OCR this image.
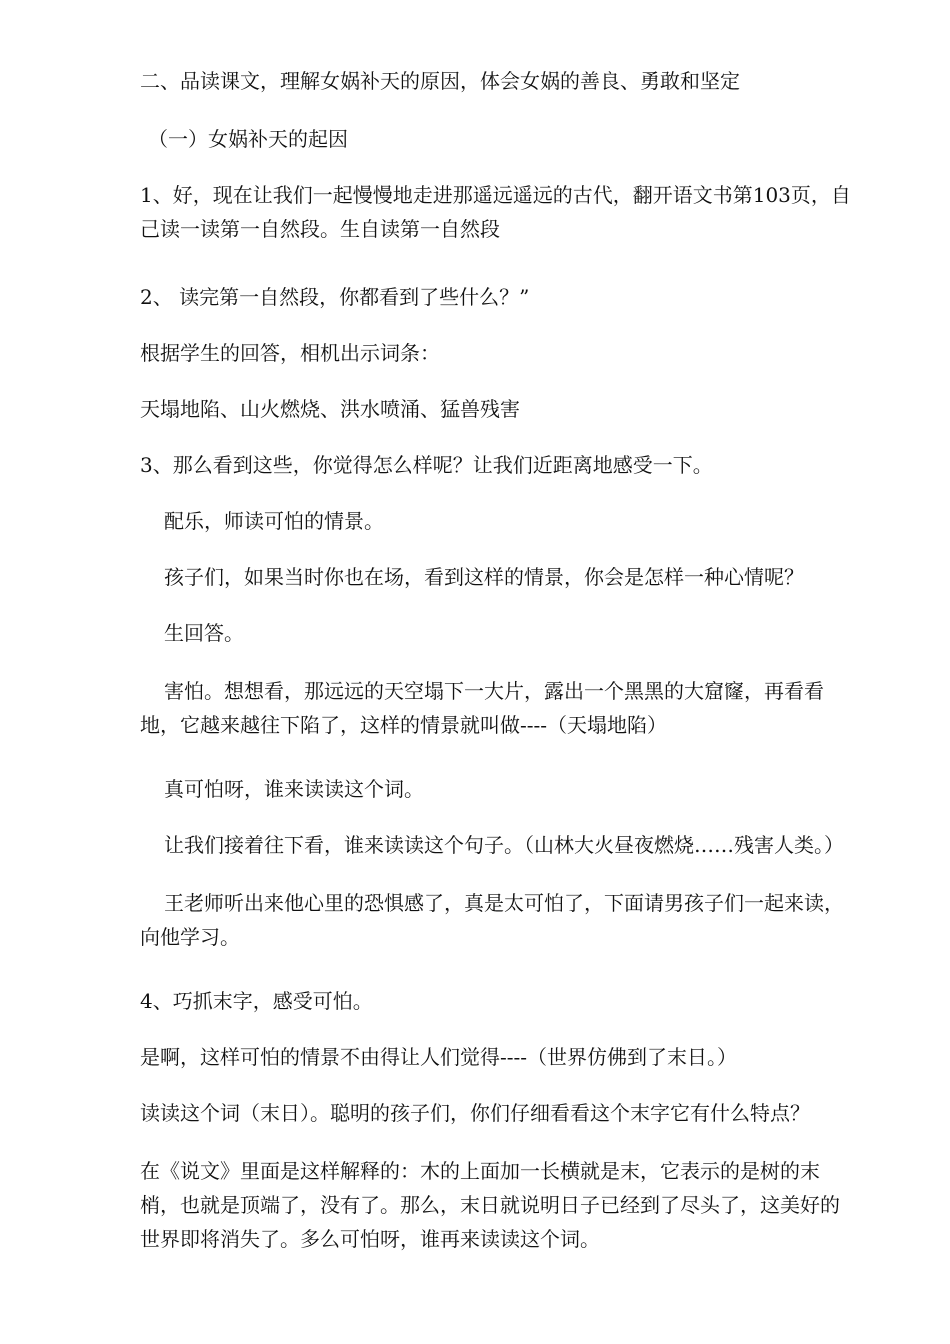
二、品读课文，理解女娲补天的原因，体会女娲的善良、勇敢和坚定

（一）女娲补天的起因

1、好，现在让我们一起慢慢地走进那遥远遥远的古代，翻开语文书第103页，自己读一读第一自然段。生自读第一自然段

2、 读完第一自然段，你都看到了些什么？”

根据学生的回答，相机出示词条：

天塌地陷、山火燃烧、洪水喷涌、猛兽残害

3、那么看到这些，你觉得怎么样呢？让我们近距离地感受一下。

配乐，师读可怕的情景。

孩子们，如果当时你也在场，看到这样的情景，你会是怎样一种心情呢？

生回答。

害怕。想想看，那远远的天空塌下一大片，露出一个黑黑的大窟窿，再看看地，它越来越往下陷了，这样的情景就叫做----（天塌地陷）

真可怕呀，谁来读读这个词。

让我们接着往下看，谁来读读这个句子。（山林大火昼夜燃烧……残害人类。）

王老师听出来他心里的恐惧感了，真是太可怕了，下面请男孩子们一起来读，向他学习。

4、巧抓末字，感受可怕。

是啊，这样可怕的情景不由得让人们觉得----（世界仿佛到了末日。）

读读这个词（末日）。聪明的孩子们，你们仔细看看这个末字它有什么特点？

在《说文》里面是这样解释的：木的上面加一长横就是末，它表示的是树的末梢，也就是顶端了，没有了。那么，末日就说明日子已经到了尽头了，这美好的世界即将消失了。多么可怕呀，谁再来读读这个词。
